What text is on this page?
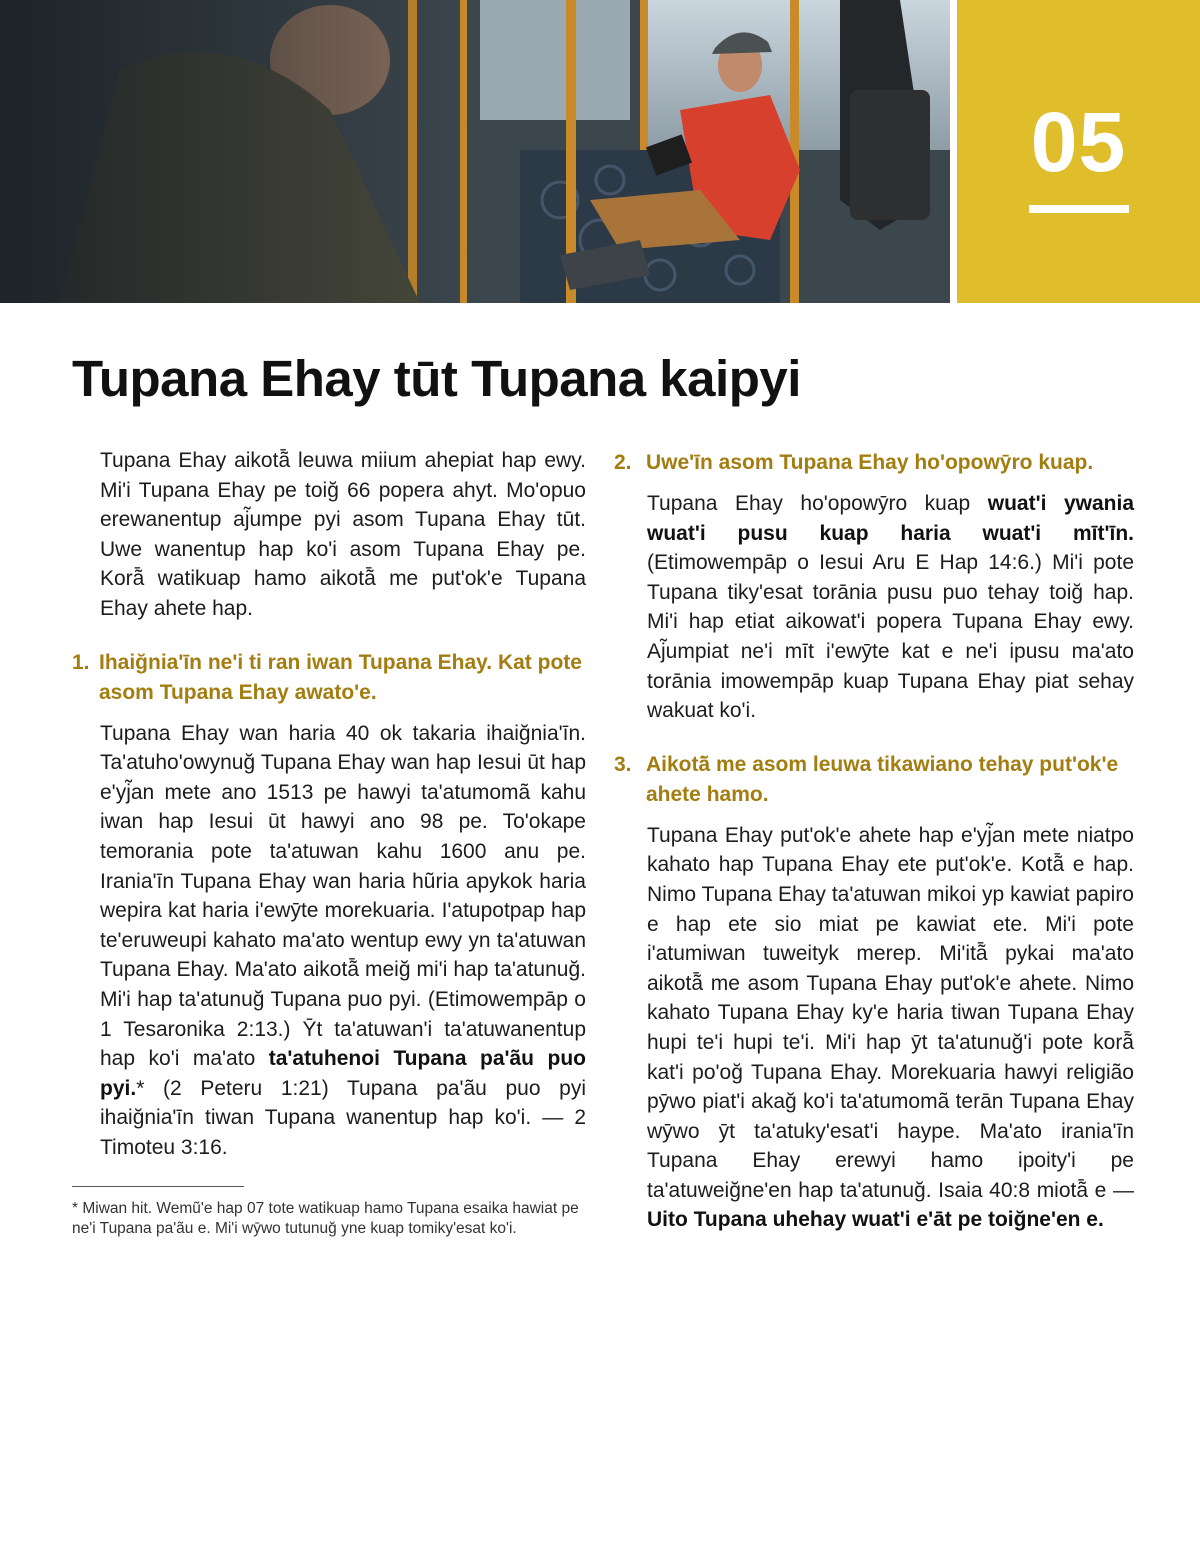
05
Tupana Ehay tūt Tupana kaipyi

Tupana Ehay aikotã̄ leuwa miium ahepiat hap ewy. Mi'i Tupana Ehay pe toiğ 66 popera ahyt. Mo'opuo erewanentup aj̃umpe pyi asom Tupana Ehay tūt. Uwe wanentup hap ko'i asom Tupana Ehay pe. Korã̄ watikuap hamo aikotã̄ me put'ok'e Tupana Ehay ahete hap.

1. Ihaiğnia'īn ne'i ti ran iwan Tupana Ehay. Kat pote asom Tupana Ehay awato'e.

Tupana Ehay wan haria 40 ok takaria ihaiğnia'īn. Ta'atuho'owynuğ Tupana Ehay wan hap Iesui ūt hap e'yj̃an mete ano 1513 pe hawyi ta'atumomã kahu iwan hap Iesui ūt hawyi ano 98 pe. To'okape temorania pote ta'atuwan kahu 1600 anu pe. Irania'īn Tupana Ehay wan haria hũria apykok haria wepira kat haria i'ewȳte morekuaria. I'atupotpap hap te'eruweupi kahato ma'ato wentup ewy yn ta'atuwan Tupana Ehay. Ma'ato aikotã̄ meiğ mi'i hap ta'atunuğ. Mi'i hap ta'atunuğ Tupana puo pyi. (Etimowempāp o 1 Tesaronika 2:13.) Ȳt ta'atuwan'i ta'atuwanentup hap ko'i ma'ato ta'atuhenoi Tupana pa'ãu puo pyi.* (2 Peteru 1:21) Tupana pa'ãu puo pyi ihaiğnia'īn tiwan Tupana wanentup hap ko'i. — 2 Timoteu 3:16.

* Miwan hit. Wemũ'e hap 07 tote watikuap hamo Tupana esaika hawiat pe ne'i Tupana pa'ãu e. Mi'i wȳwo tutunuğ yne kuap tomiky'esat ko'i.

2. Uwe'īn asom Tupana Ehay ho'opowȳro kuap.

Tupana Ehay ho'opowȳro kuap wuat'i ywania wuat'i pusu kuap haria wuat'i mīt'īn. (Etimowempāp o Iesui Aru E Hap 14:6.) Mi'i pote Tupana tiky'esat torānia pusu puo tehay toiğ hap. Mi'i hap etiat aikowat'i popera Tupana Ehay ewy. Aj̃umpiat ne'i mīt i'ewȳte kat e ne'i ipusu ma'ato torānia imowempāp kuap Tupana Ehay piat sehay wakuat ko'i.

3. Aikotã̄ me asom leuwa tikawiano tehay put'ok'e ahete hamo.

Tupana Ehay put'ok'e ahete hap e'yj̃an mete niatpo kahato hap Tupana Ehay ete put'ok'e. Kotã̄ e hap. Nimo Tupana Ehay ta'atuwan mikoi yp kawiat papiro e hap ete sio miat pe kawiat ete. Mi'i pote i'atumiwan tuweityk merep. Mi'itã̄ pykai ma'ato aikotã̄ me asom Tupana Ehay put'ok'e ahete. Nimo kahato Tupana Ehay ky'e haria tiwan Tupana Ehay hupi te'i hupi te'i. Mi'i hap ȳt ta'atunuğ'i pote korã̄ kat'i po'oğ Tupana Ehay. Morekuaria hawyi religião pȳwo piat'i akağ ko'i ta'atumomã terān Tupana Ehay wȳwo ȳt ta'atuky'esat'i haype. Ma'ato irania'īn Tupana Ehay erewyi hamo ipoity'i pe ta'atuweiğne'en hap ta'atunuğ. Isaia 40:8 miotã̄ e — Uito Tupana uhehay wuat'i e'āt pe toiğne'en e.
